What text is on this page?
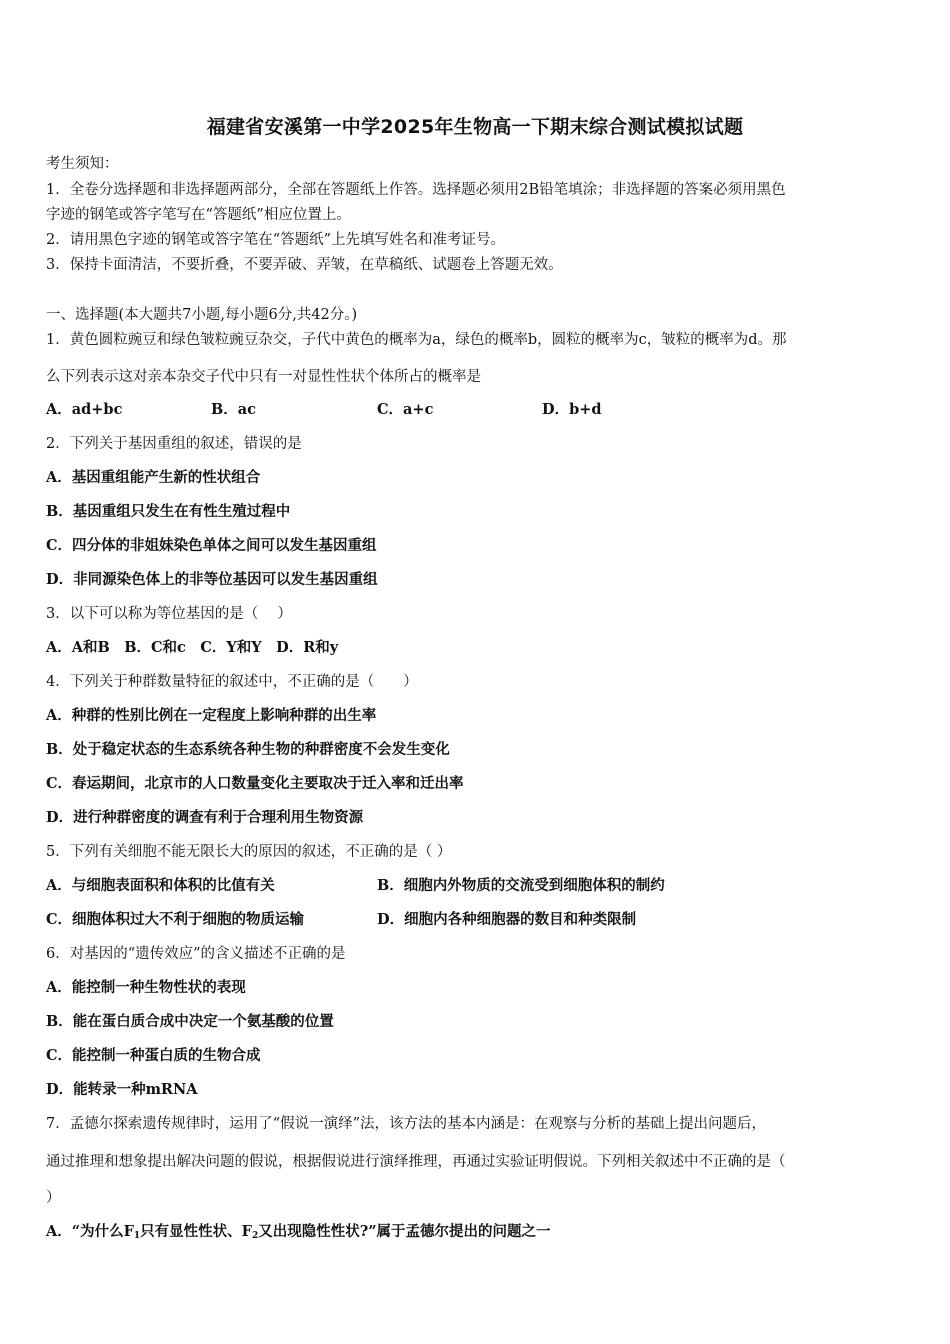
福建省安溪第一中学2025年生物高一下期末综合测试模拟试题
考生须知：
1．全卷分选择题和非选择题两部分，全部在答题纸上作答。选择题必须用2B铅笔填涂；非选择题的答案必须用黑色
字迹的钢笔或答字笔写在“答题纸”相应位置上。
2．请用黑色字迹的钢笔或答字笔在“答题纸”上先填写姓名和准考证号。
3．保持卡面清洁，不要折叠，不要弄破、弄皱，在草稿纸、试题卷上答题无效。
一、选择题(本大题共7小题,每小题6分,共42分。)
1．黄色圆粒豌豆和绿色皱粒豌豆杂交，子代中黄色的概率为a，绿色的概率b，圆粒的概率为c，皱粒的概率为d。那
么下列表示这对亲本杂交子代中只有一对显性性状个体所占的概率是
A．ad+bc	B．ac	C．a+c	D．b+d
2．下列关于基因重组的叙述，错误的是
A．基因重组能产生新的性状组合
B．基因重组只发生在有性生殖过程中
C．四分体的非姐妹染色单体之间可以发生基因重组
D．非同源染色体上的非等位基因可以发生基因重组
3．以下可以称为等位基因的是（　 ）
A．A和B　B．C和c　C．Y和Y　D．R和y
4．下列关于种群数量特征的叙述中，不正确的是（　　）
A．种群的性别比例在一定程度上影响种群的出生率
B．处于稳定状态的生态系统各种生物的种群密度不会发生变化
C．春运期间，北京市的人口数量变化主要取决于迁入率和迁出率
D．进行种群密度的调查有利于合理利用生物资源
5．下列有关细胞不能无限长大的原因的叙述，不正确的是（ ）
A．与细胞表面积和体积的比值有关	B．细胞内外物质的交流受到细胞体积的制约
C．细胞体积过大不利于细胞的物质运输	D．细胞内各种细胞器的数目和种类限制
6．对基因的“遗传效应”的含义描述不正确的是
A．能控制一种生物性状的表现
B．能在蛋白质合成中决定一个氨基酸的位置
C．能控制一种蛋白质的生物合成
D．能转录一种mRNA
7．孟德尔探索遗传规律时，运用了“假说一演绎”法，该方法的基本内涵是：在观察与分析的基础上提出问题后，
通过推理和想象提出解决问题的假说，根据假说进行演绎推理，再通过实验证明假说。下列相关叙述中不正确的是（
）
A．“为什么$F_1$只有显性性状、$F_2$又出现隐性性状?”属于孟德尔提出的问题之一
